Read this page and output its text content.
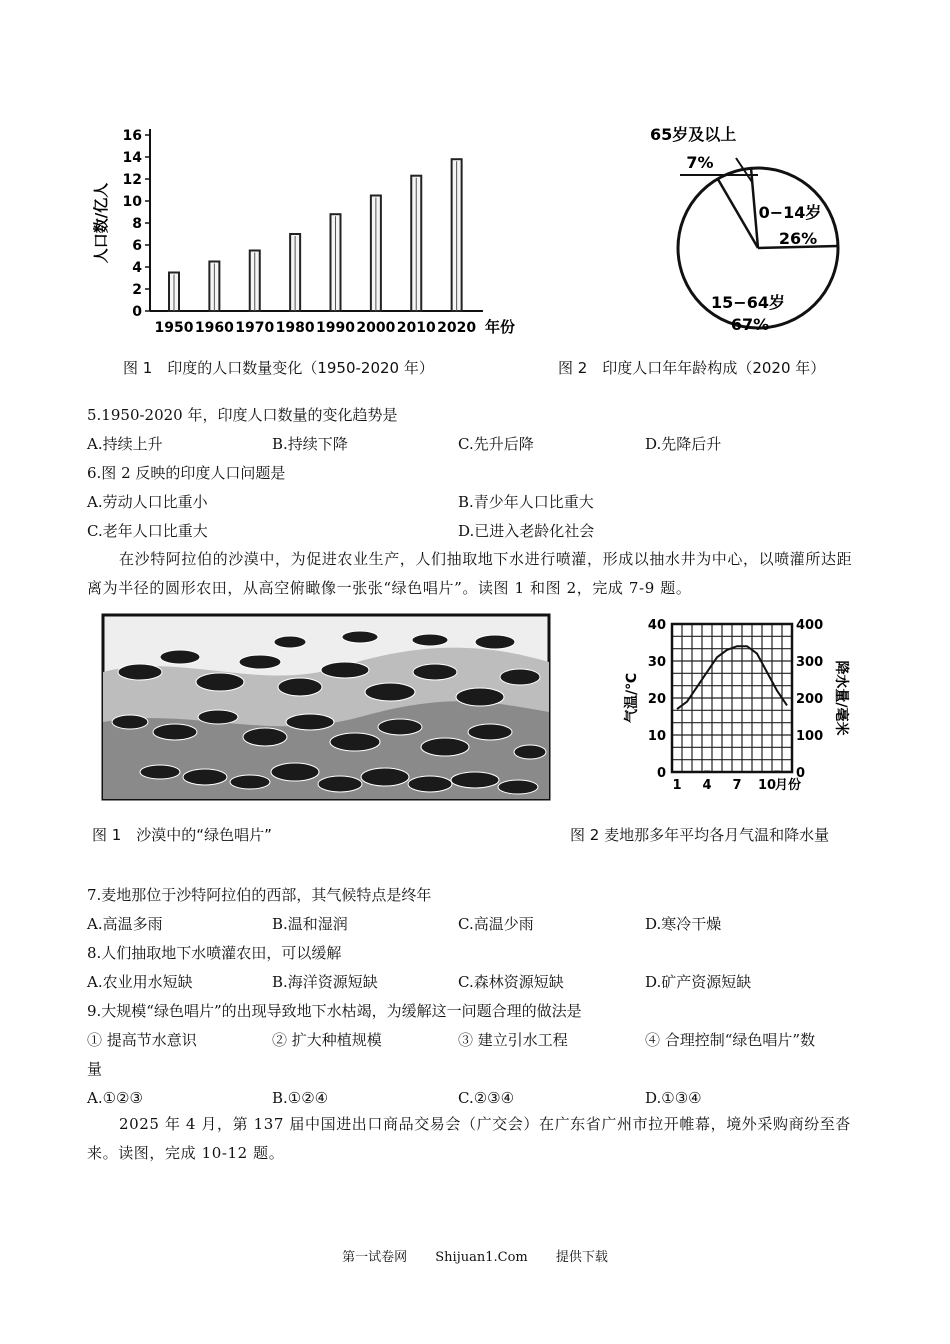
0
2
4
6
8
10
12
14
16
人口数/亿人
1950 1960 1970 1980 1990 2000 2010 2020 年份
图 1　印度的人口数量变化（1950-2020 年）
0−14岁
26%
15−64岁
67%
65岁及以上
7%
图 2　印度人口年年龄构成（2020 年）
5.1950-2020 年，印度人口数量的变化趋势是
A.持续上升	B.持续下降	C.先升后降	D.先降后升
6.图 2 反映的印度人口问题是
A.劳动人口比重小	B.青少年人口比重大
C.老年人口比重大	D.已进入老龄化社会
在沙特阿拉伯的沙漠中，为促进农业生产，人们抽取地下水进行喷灌，形成以抽水井为中心，以喷灌所达距离为半径的圆形农田，从高空俯瞰像一张张“绿色唱片”。读图 1 和图 2，完成 7-9 题。
图 1　沙漠中的“绿色唱片”
0
10
20
30
40
0
100
200
300
400
1 4 7 10
月份
气温/℃	降水量/毫米
图 2 麦地那多年平均各月气温和降水量
7.麦地那位于沙特阿拉伯的西部，其气候特点是终年
A.高温多雨	B.温和湿润	C.高温少雨	D.寒冷干燥
8.人们抽取地下水喷灌农田，可以缓解
A.农业用水短缺	B.海洋资源短缺	C.森林资源短缺	D.矿产资源短缺
9.大规模“绿色唱片”的出现导致地下水枯竭，为缓解这一问题合理的做法是
① 提高节水意识	② 扩大种植规模	③ 建立引水工程	④ 合理控制“绿色唱片”数
量
A.①②③	B.①②④	C.②③④	D.①③④
2025 年 4 月，第 137 届中国进出口商品交易会（广交会）在广东省广州市拉开帷幕，境外采购商纷至沓来。读图，完成 10-12 题。
第一试卷网 Shijuan1.Com 提供下载
